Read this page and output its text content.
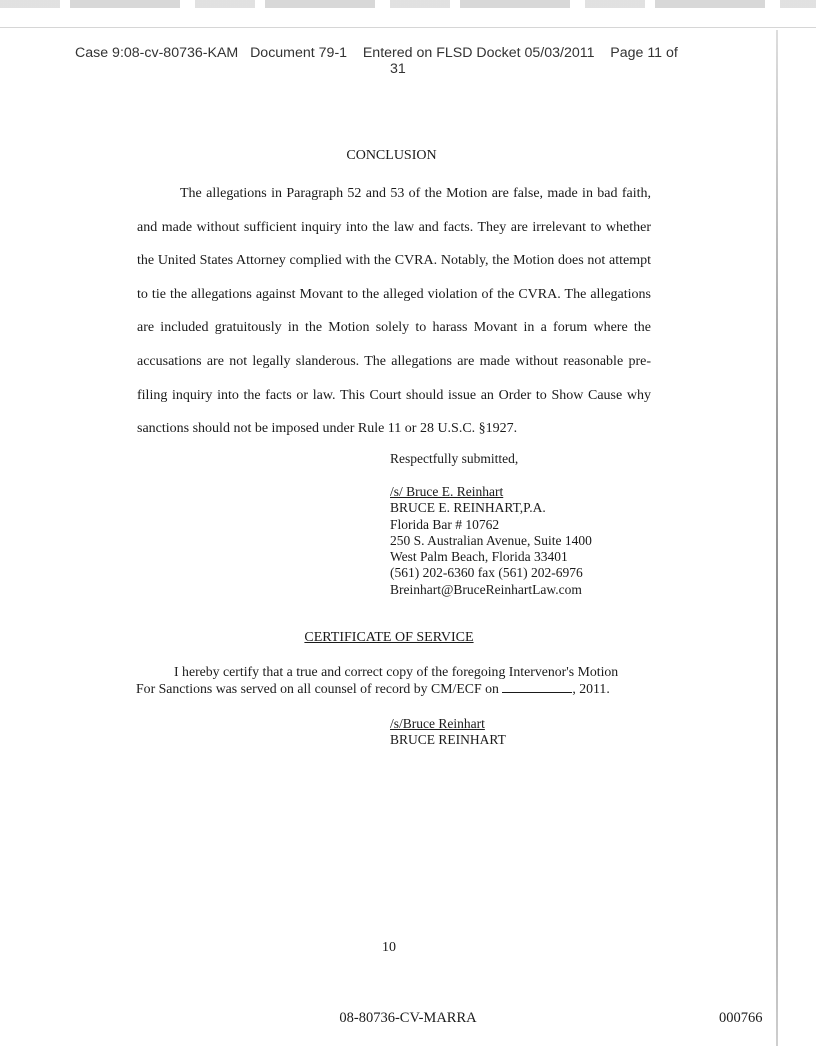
Case 9:08-cv-80736-KAM Document 79-1 Entered on FLSD Docket 05/03/2011 Page 11 of
31
CONCLUSION

The allegations in Paragraph 52 and 53 of the Motion are false, made in bad faith, and made without sufficient inquiry into the law and facts. They are irrelevant to whether the United States Attorney complied with the CVRA. Notably, the Motion does not attempt to tie the allegations against Movant to the alleged violation of the CVRA. The allegations are included gratuitously in the Motion solely to harass Movant in a forum where the accusations are not legally slanderous. The allegations are made without reasonable pre-filing inquiry into the facts or law. This Court should issue an Order to Show Cause why sanctions should not be imposed under Rule 11 or 28 U.S.C. §1927.

Respectfully submitted,
/s/ Bruce E. Reinhart
BRUCE E. REINHART,P.A.
Florida Bar # 10762
250 S. Australian Avenue, Suite 1400
West Palm Beach, Florida 33401
(561) 202-6360 fax (561) 202-6976
Breinhart@BruceReinhartLaw.com
CERTIFICATE OF SERVICE
I hereby certify that a true and correct copy of the foregoing Intervenor's Motion
For Sanctions was served on all counsel of record by CM/ECF on	, 2011.
/s/Bruce Reinhart
BRUCE REINHART
10
08-80736-CV-MARRA	000766
